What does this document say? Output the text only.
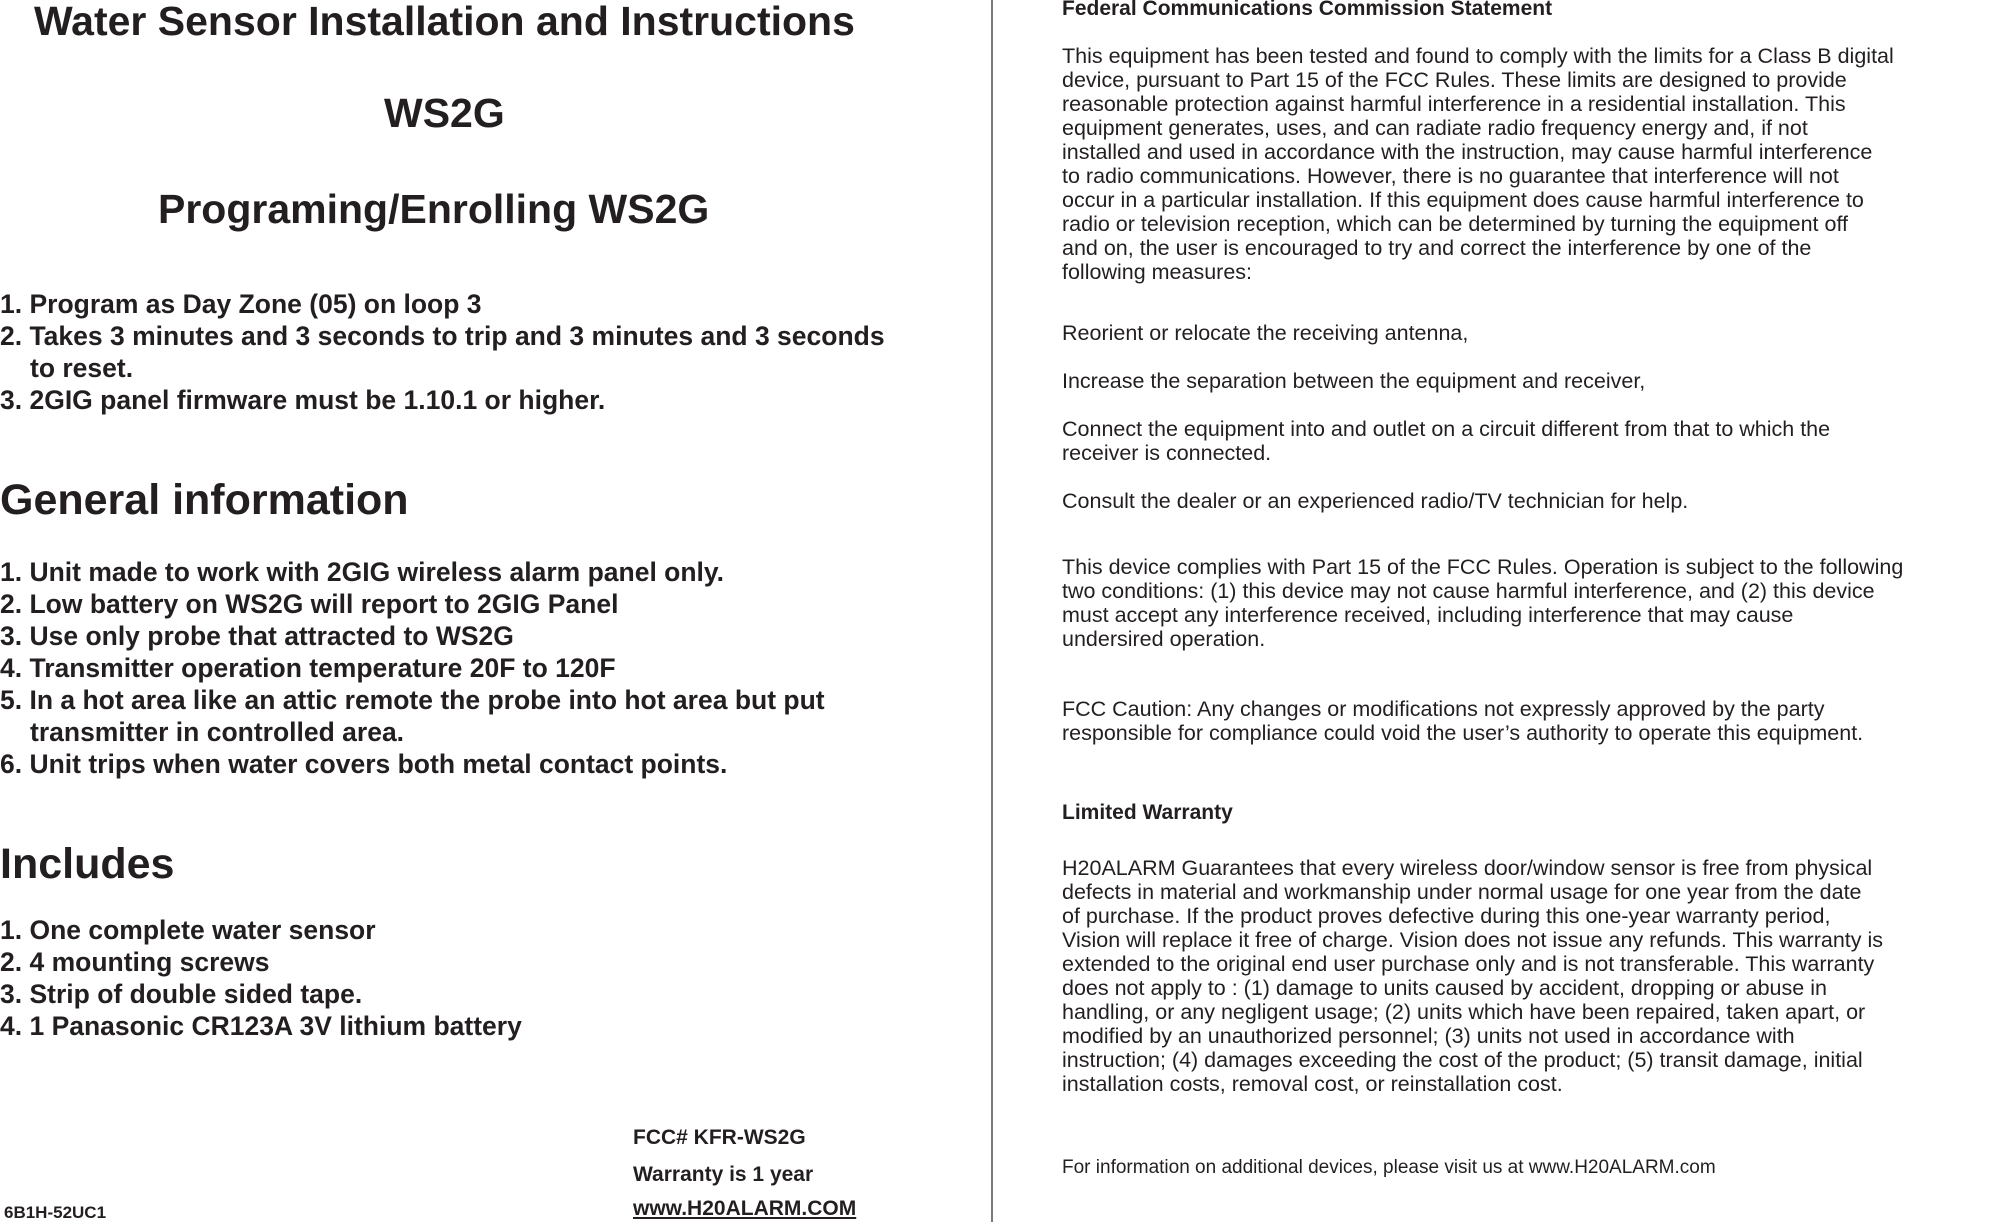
Water Sensor Installation and Instructions
WS2G
Programing/Enrolling WS2G
1. Program as Day Zone (05) on loop 3
2. Takes 3 minutes and 3 seconds to trip and 3 minutes and 3 seconds
to reset.
3. 2GIG panel firmware must be 1.10.1 or higher.
General information
1. Unit made to work with 2GIG wireless alarm panel only.
2. Low battery on WS2G will report to 2GIG Panel
3. Use only probe that attracted to WS2G
4. Transmitter operation temperature 20F to 120F
5. In a hot area like an attic remote the probe into hot area but put
transmitter in controlled area.
6. Unit trips when water covers both metal contact points.
Includes
1. One complete water sensor
2. 4 mounting screws
3. Strip of double sided tape.
4. 1 Panasonic CR123A 3V lithium battery
FCC# KFR-WS2G
Warranty is 1 year
www.H20ALARM.COM
6B1H-52UC1
Federal Communications Commission Statement
This equipment has been tested and found to comply with the limits for a Class B digital
device, pursuant to Part 15 of the FCC Rules. These limits are designed to provide
reasonable protection against harmful interference in a residential installation. This
equipment generates, uses, and can radiate radio frequency energy and, if not
installed and used in accordance with the instruction, may cause harmful interference
to radio communications. However, there is no guarantee that interference will not
occur in a particular installation. If this equipment does cause harmful interference to
radio or television reception, which can be determined by turning the equipment off
and on, the user is encouraged to try and correct the interference by one of the
following measures:
Reorient or relocate the receiving antenna,
Increase the separation between the equipment and receiver,
Connect the equipment into and outlet on a circuit different from that to which the
receiver is connected.
Consult the dealer or an experienced radio/TV technician for help.
This device complies with Part 15 of the FCC Rules. Operation is subject to the following
two conditions: (1) this device may not cause harmful interference, and (2) this device
must accept any interference received, including interference that may cause
undersired operation.
FCC Caution: Any changes or modifications not expressly approved by the party
responsible for compliance could void the user’s authority to operate this equipment.
Limited Warranty
H20ALARM Guarantees that every wireless door/window sensor is free from physical
defects in material and workmanship under normal usage for one year from the date
of purchase. If the product proves defective during this one-year warranty period,
Vision will replace it free of charge. Vision does not issue any refunds. This warranty is
extended to the original end user purchase only and is not transferable. This warranty
does not apply to : (1) damage to units caused by accident, dropping or abuse in
handling, or any negligent usage; (2) units which have been repaired, taken apart, or
modified by an unauthorized personnel; (3) units not used in accordance with
instruction; (4) damages exceeding the cost of the product; (5) transit damage, initial
installation costs, removal cost, or reinstallation cost.
For information on additional devices, please visit us at www.H20ALARM.com
